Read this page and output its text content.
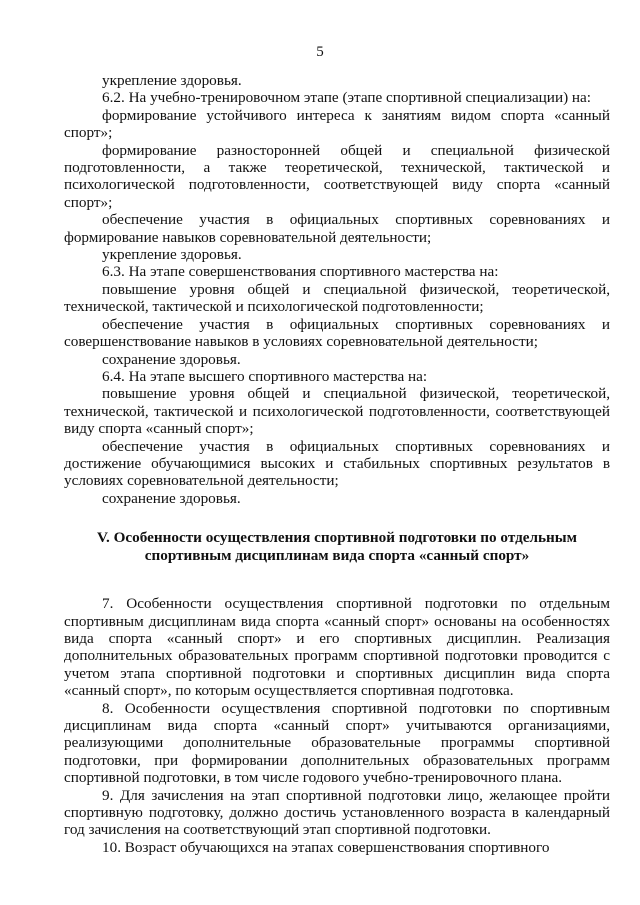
5

укрепление здоровья.

6.2. На учебно-тренировочном этапе (этапе спортивной специализации) на:

формирование устойчивого интереса к занятиям видом спорта «санный спорт»;

формирование разносторонней общей и специальной физической подготовленности, а также теоретической, технической, тактической и психологической подготовленности, соответствующей виду спорта «санный спорт»;

обеспечение участия в официальных спортивных соревнованиях и формирование навыков соревновательной деятельности;

укрепление здоровья.

6.3. На этапе совершенствования спортивного мастерства на:

повышение уровня общей и специальной физической, теоретической, технической, тактической и психологической подготовленности;

обеспечение участия в официальных спортивных соревнованиях и совершенствование навыков в условиях соревновательной деятельности;

сохранение здоровья.

6.4. На этапе высшего спортивного мастерства на:

повышение уровня общей и специальной физической, теоретической, технической, тактической и психологической подготовленности, соответствующей виду спорта «санный спорт»;

обеспечение участия в официальных спортивных соревнованиях и достижение обучающимися высоких и стабильных спортивных результатов в условиях соревновательной деятельности;

сохранение здоровья.

V. Особенности осуществления спортивной подготовки по отдельным
спортивным дисциплинам вида спорта «санный спорт»

7. Особенности осуществления спортивной подготовки по отдельным спортивным дисциплинам вида спорта «санный спорт» основаны на особенностях вида спорта «санный спорт» и его спортивных дисциплин. Реализация дополнительных образовательных программ спортивной подготовки проводится с учетом этапа спортивной подготовки и спортивных дисциплин вида спорта «санный спорт», по которым осуществляется спортивная подготовка.

8. Особенности осуществления спортивной подготовки по спортивным дисциплинам вида спорта «санный спорт» учитываются организациями, реализующими дополнительные образовательные программы спортивной подготовки, при формировании дополнительных образовательных программ спортивной подготовки, в том числе годового учебно-тренировочного плана.

9. Для зачисления на этап спортивной подготовки лицо, желающее пройти спортивную подготовку, должно достичь установленного возраста в календарный год зачисления на соответствующий этап спортивной подготовки.

10. Возраст обучающихся на этапах совершенствования спортивного
